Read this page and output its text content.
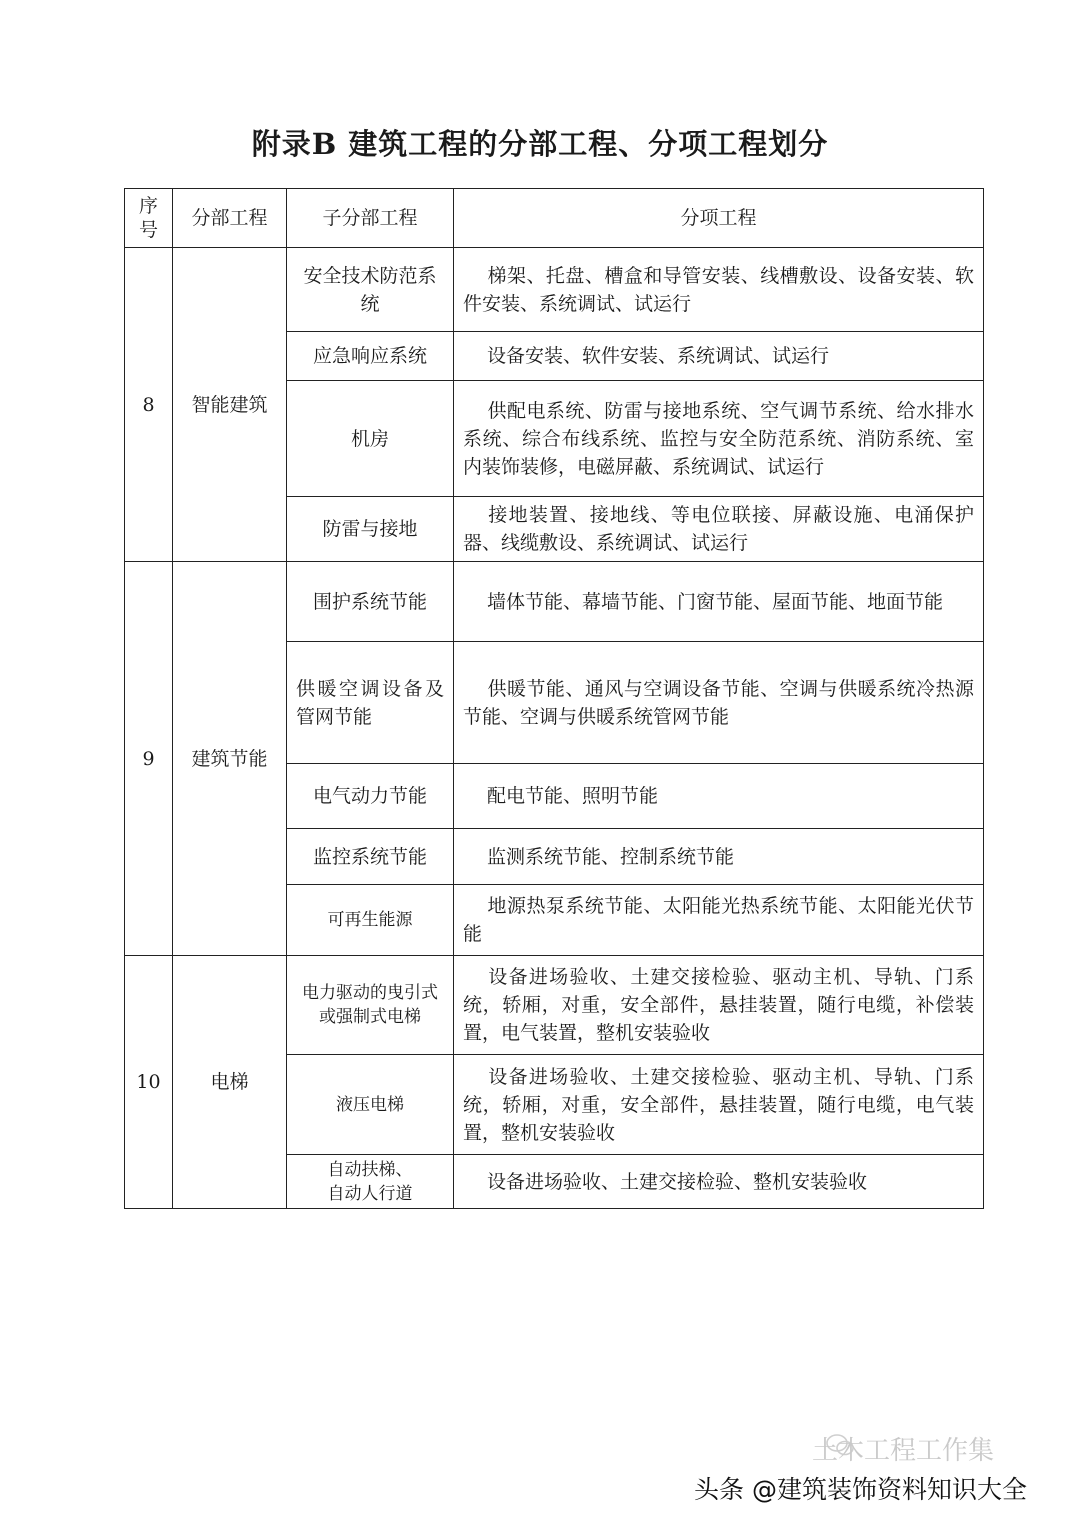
附录B 建筑工程的分部工程、分项工程划分
序号	分部工程	子分部工程	分项工程
8	智能建筑	安全技术防范系统	梯架、托盘、槽盒和导管安装、线槽敷设、设备安装、软件安装、系统调试、试运行
		应急响应系统	设备安装、软件安装、系统调试、试运行
		机房	供配电系统、防雷与接地系统、空气调节系统、给水排水系统、综合布线系统、监控与安全防范系统、消防系统、室内装饰装修，电磁屏蔽、系统调试、试运行
		防雷与接地	接地装置、接地线、等电位联接、屏蔽设施、电涌保护器、线缆敷设、系统调试、试运行
9	建筑节能	围护系统节能	墙体节能、幕墙节能、门窗节能、屋面节能、地面节能
		供暖空调设备及管网节能	供暖节能、通风与空调设备节能、空调与供暖系统冷热源节能、空调与供暖系统管网节能
		电气动力节能	配电节能、照明节能
		监控系统节能	监测系统节能、控制系统节能
		可再生能源	地源热泵系统节能、太阳能光热系统节能、太阳能光伏节能
10	电梯	电力驱动的曳引式或强制式电梯	设备进场验收、土建交接检验、驱动主机、导轨、门系统，轿厢，对重，安全部件，悬挂装置，随行电缆，补偿装置，电气装置，整机安装验收
		液压电梯	设备进场验收、土建交接检验、驱动主机、导轨、门系统，轿厢，对重，安全部件，悬挂装置，随行电缆，电气装置，整机安装验收
		自动扶梯、自动人行道	设备进场验收、土建交接检验、整机安装验收
土木工程工作集
头条 @建筑装饰资料知识大全
